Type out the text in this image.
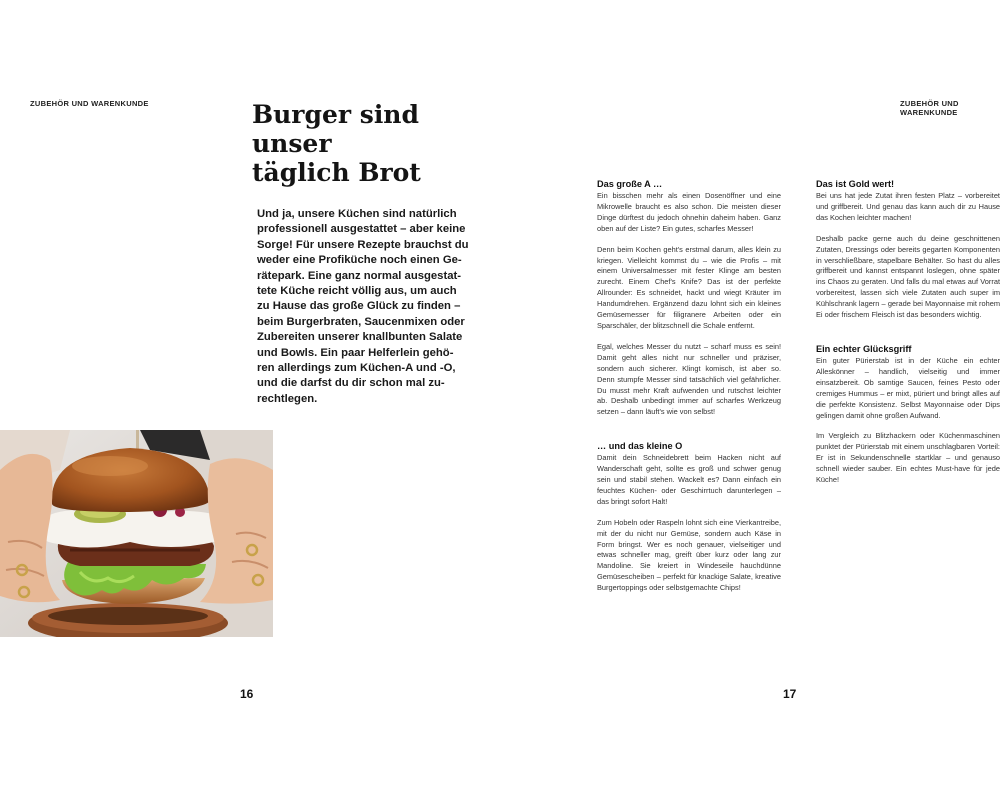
ZUBEHÖR UND WARENKUNDE	ZUBEHÖR UND WARENKUNDE
Burger sind
unser
täglich Brot
Und ja, unsere Küchen sind natürlich
professionell ausgestattet – aber keine
Sorge! Für unsere Rezepte brauchst du
weder eine Profiküche noch einen Ge-
rätepark. Eine ganz normal ausgestat-
tete Küche reicht völlig aus, um auch
zu Hause das große Glück zu finden –
beim Burgerbraten, Saucenmixen oder
Zubereiten unserer knallbunten Salate
und Bowls. Ein paar Helferlein gehö-
ren allerdings zum Küchen-A und -O,
und die darfst du dir schon mal zu-
rechtlegen.
Das große A …

Ein bisschen mehr als einen Dosenöffner und eine Mikrowelle braucht es also schon. Die meisten dieser Dinge dürftest du jedoch ohnehin daheim haben. Ganz oben auf der Liste? Ein gutes, scharfes Messer!

Denn beim Kochen geht's erstmal darum, alles klein zu kriegen. Vielleicht kommst du – wie die Profis – mit einem Universalmesser mit fester Klinge am besten zurecht. Einem Chef's Knife? Das ist der perfekte Allrounder: Es schneidet, hackt und wiegt Kräuter im Handumdrehen. Ergänzend dazu lohnt sich ein kleines Gemüsemesser für filigranere Arbeiten oder ein Sparschäler, der blitzschnell die Schale entfernt.

Egal, welches Messer du nutzt – scharf muss es sein! Damit geht alles nicht nur schneller und präziser, sondern auch sicherer. Klingt komisch, ist aber so. Denn stumpfe Messer sind tatsächlich viel gefährlicher. Du musst mehr Kraft aufwenden und rutschst leichter ab. Deshalb unbedingt immer auf scharfes Werkzeug setzen – dann läuft's wie von selbst!

… und das kleine O

Damit dein Schneidebrett beim Hacken nicht auf Wanderschaft geht, sollte es groß und schwer genug sein und stabil stehen. Wackelt es? Dann einfach ein feuchtes Küchen- oder Geschirrtuch darunterlegen – das bringt sofort Halt!

Zum Hobeln oder Raspeln lohnt sich eine Vierkantreibe, mit der du nicht nur Gemüse, sondern auch Käse in Form bringst. Wer es noch genauer, vielseitiger und etwas schneller mag, greift über kurz oder lang zur Mandoline. Sie kreiert in Windeseile hauchdünne Gemüsescheiben – perfekt für knackige Salate, kreative Burgertoppings oder selbstgemachte Chips!

Das ist Gold wert!

Bei uns hat jede Zutat ihren festen Platz – vorbereitet und griffbereit. Und genau das kann auch dir zu Hause das Kochen leichter machen!

Deshalb packe gerne auch du deine geschnittenen Zutaten, Dressings oder bereits gegarten Komponenten in verschließbare, stapelbare Behälter. So hast du alles griffbereit und kannst entspannt loslegen, ohne später ins Chaos zu geraten. Und falls du mal etwas auf Vorrat vorbereitest, lassen sich viele Zutaten auch super im Kühlschrank lagern – gerade bei Mayonnaise mit rohem Ei oder frischem Fleisch ist das besonders wichtig.

Ein echter Glücksgriff

Ein guter Pürierstab ist in der Küche ein echter Alleskönner – handlich, vielseitig und immer einsatzbereit. Ob samtige Saucen, feines Pesto oder cremiges Hummus – er mixt, püriert und bringt alles auf die perfekte Konsistenz. Selbst Mayonnaise oder Dips gelingen damit ohne großen Aufwand.

Im Vergleich zu Blitzhackern oder Küchenmaschinen punktet der Pürierstab mit einem unschlagbaren Vorteil: Er ist in Sekundenschnelle startklar – und genauso schnell wieder sauber. Ein echtes Must-have für jede Küche!

16	17
